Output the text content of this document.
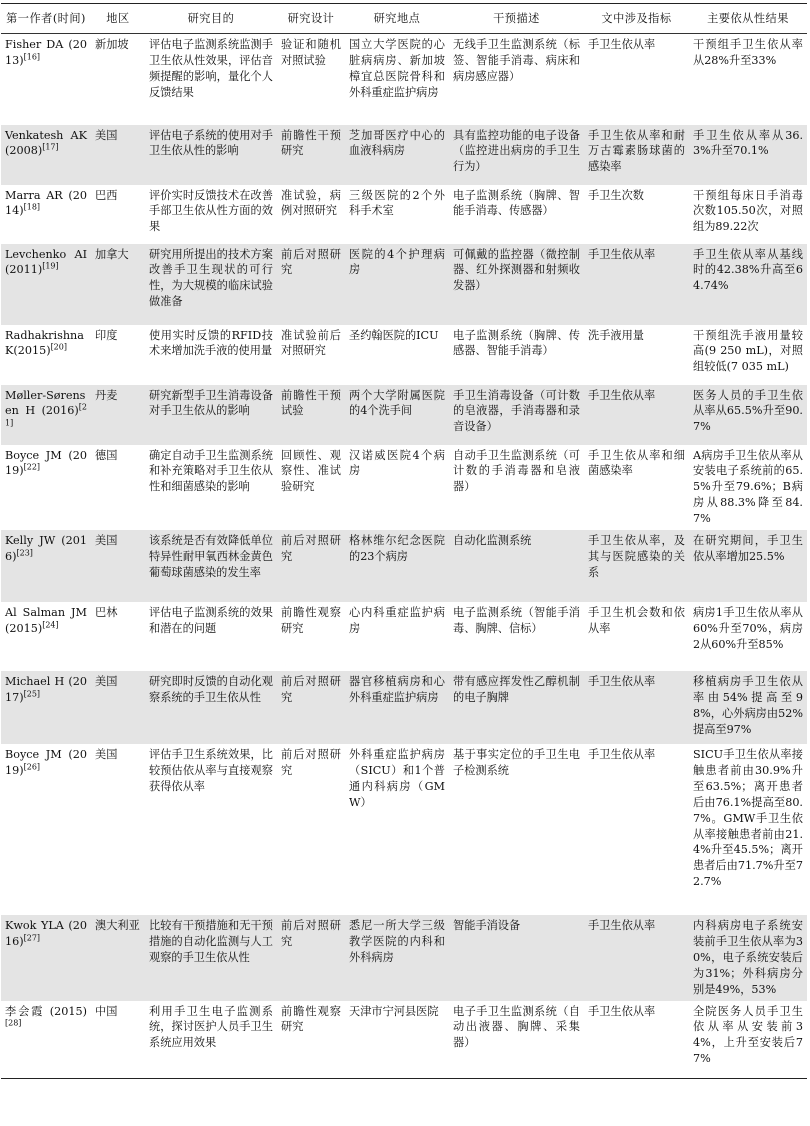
第一作者(时间)	地区	研究目的	研究设计	研究地点	干预描述	文中涉及指标	主要依从性结果
Fisher DA (2013)[16]	新加坡	评估电子监测系统监测手卫生依从性效果，评估音频提醒的影响，量化个人反馈结果	验证和随机对照试验	国立大学医院的心脏病病房、新加坡樟宜总医院骨科和外科重症监护病房	无线手卫生监测系统（标签、智能手消毒、病床和病房感应器）	手卫生依从率	干预组手卫生依从率从28%升至33%
Venkatesh AK(2008)[17]	美国	评估电子系统的使用对手卫生依从性的影响	前瞻性干预研究	芝加哥医疗中心的血液科病房	具有监控功能的电子设备（监控进出病房的手卫生行为）	手卫生依从率和耐万古霉素肠球菌的感染率	手卫生依从率从36.3%升至70.1%
Marra AR (2014)[18]	巴西	评价实时反馈技术在改善手部卫生依从性方面的效果	准试验，病例对照研究	三级医院的2个外科手术室	电子监测系统（胸牌、智能手消毒、传感器）	手卫生次数	干预组每床日手消毒次数105.50次，对照组为89.22次
Levchenko AI(2011)[19]	加拿大	研究用所提出的技术方案改善手卫生现状的可行性，为大规模的临床试验做准备	前后对照研究	医院的4个护理病房	可佩戴的监控器（微控制器、红外探测器和射频收发器）	手卫生依从率	手卫生依从率从基线时的42.38%升高至64.74%
Radhakrishna K(2015)[20]	印度	使用实时反馈的RFID技术来增加洗手液的使用量	准试验前后对照研究	圣约翰医院的ICU	电子监测系统（胸牌、传感器、智能手消毒）	洗手液用量	干预组洗手液用量较高(9 250 mL)，对照组较低(7 035 mL)
Møller-Sørensen H (2016)[21]	丹麦	研究新型手卫生消毒设备对手卫生依从的影响	前瞻性干预试验	两个大学附属医院的4个洗手间	手卫生消毒设备（可计数的皂液器，手消毒器和录音设备）	手卫生依从率	医务人员的手卫生依从率从65.5%升至90.7%
Boyce JM (2019)[22]	德国	确定自动手卫生监测系统和补充策略对手卫生依从性和细菌感染的影响	回顾性、观察性、准试验研究	汉诺威医院4个病房	自动手卫生监测系统（可计数的手消毒器和皂液器）	手卫生依从率和细菌感染率	A病房手卫生依从率从安装电子系统前的65.5%升至79.6%；B病房从88.3%降至84.7%
Kelly JW (2016)[23]	美国	该系统是否有效降低单位特异性耐甲氧西林金黄色葡萄球菌感染的发生率	前后对照研究	格林维尔纪念医院的23个病房	自动化监测系统	手卫生依从率，及其与医院感染的关系	在研究期间，手卫生依从率增加25.5%
Al Salman JM(2015)[24]	巴林	评估电子监测系统的效果和潜在的问题	前瞻性观察研究	心内科重症监护病房	电子监测系统（智能手消毒、胸牌、信标）	手卫生机会数和依从率	病房1手卫生依从率从60%升至70%，病房2从60%升至85%
Michael H (2017)[25]	美国	研究即时反馈的自动化观察系统的手卫生依从性	前后对照研究	器官移植病房和心外科重症监护病房	带有感应挥发性乙醇机制的电子胸牌	手卫生依从率	移植病房手卫生依从率由54%提高至98%，心外病房由52%提高至97%
Boyce JM (2019)[26]	美国	评估手卫生系统效果，比较预估依从率与直接观察获得依从率	前后对照研究	外科重症监护病房（SICU）和1个普通内科病房（GMW）	基于事实定位的手卫生电子检测系统	手卫生依从率	SICU手卫生依从率接触患者前由30.9%升至63.5%；离开患者后由76.1%提高至80.7%。GMW手卫生依从率接触患者前由21.4%升至45.5%；离开患者后由71.7%升至72.7%
Kwok YLA (2016)[27]	澳大利亚	比较有干预措施和无干预措施的自动化监测与人工观察的手卫生依从性	前后对照研究	悉尼一所大学三级教学医院的内科和外科病房	智能手消设备	手卫生依从率	内科病房电子系统安装前手卫生依从率为30%，电子系统安装后为31%；外科病房分别是49%，53%
李会霞 (2015)[28]	中国	利用手卫生电子监测系统，探讨医护人员手卫生系统应用效果	前瞻性观察研究	天津市宁河县医院	电子手卫生监测系统（自动出液器、胸牌、采集器）	手卫生依从率	全院医务人员手卫生依从率从安装前34%，上升至安装后77%
